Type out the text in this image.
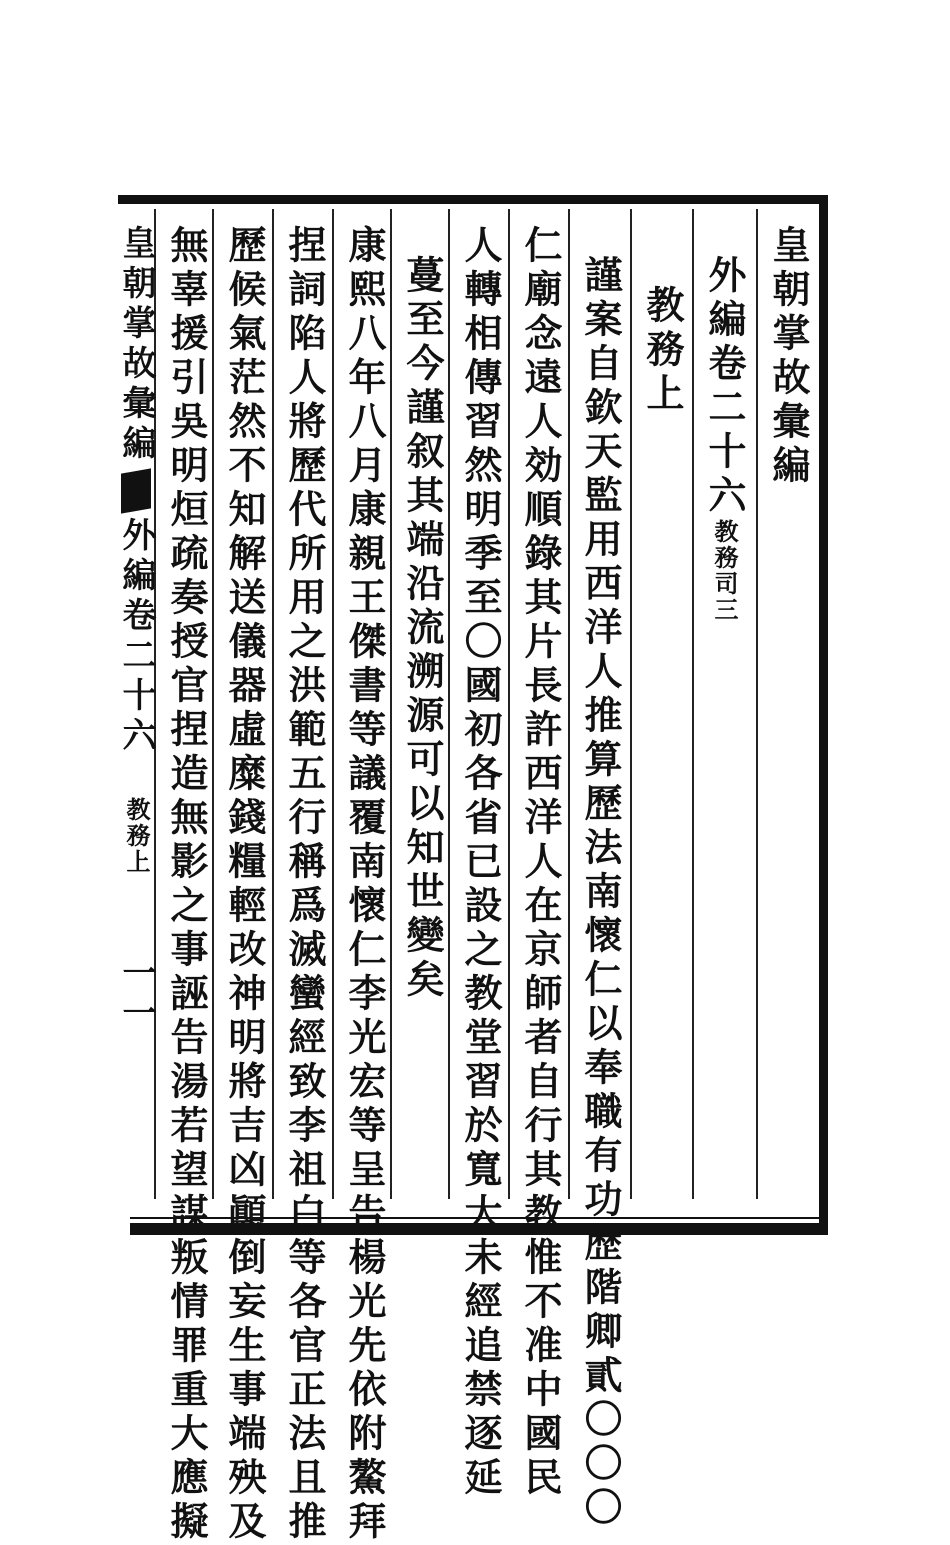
皇朝掌故彙編
外編卷二十六教務司三
教務上
謹案自欽天監用西洋人推算歷法南懷仁以奉職有功歷階卿貳〇〇〇
仁廟念遠人効順錄其片長許西洋人在京師者自行其教惟不准中國民
人轉相傳習然明季至〇國初各省已設之教堂習於寬大未經追禁逐延
蔓至今謹叙其端沿流溯源可以知世變矣
康熙八年八月康親王傑書等議覆南懷仁李光宏等呈告楊光先依附鰲拜
捏詞陷人將歷代所用之洪範五行稱爲滅蠻經致李祖白等各官正法且推
歷候氣茫然不知解送儀器虛糜錢糧輕改神明將吉凶顚倒妄生事端殃及
無辜援引吳明烜疏奏授官捏造無影之事誣告湯若望謀叛情罪重大應擬
皇朝掌故彙編外編卷二十六　教務上　　一一
